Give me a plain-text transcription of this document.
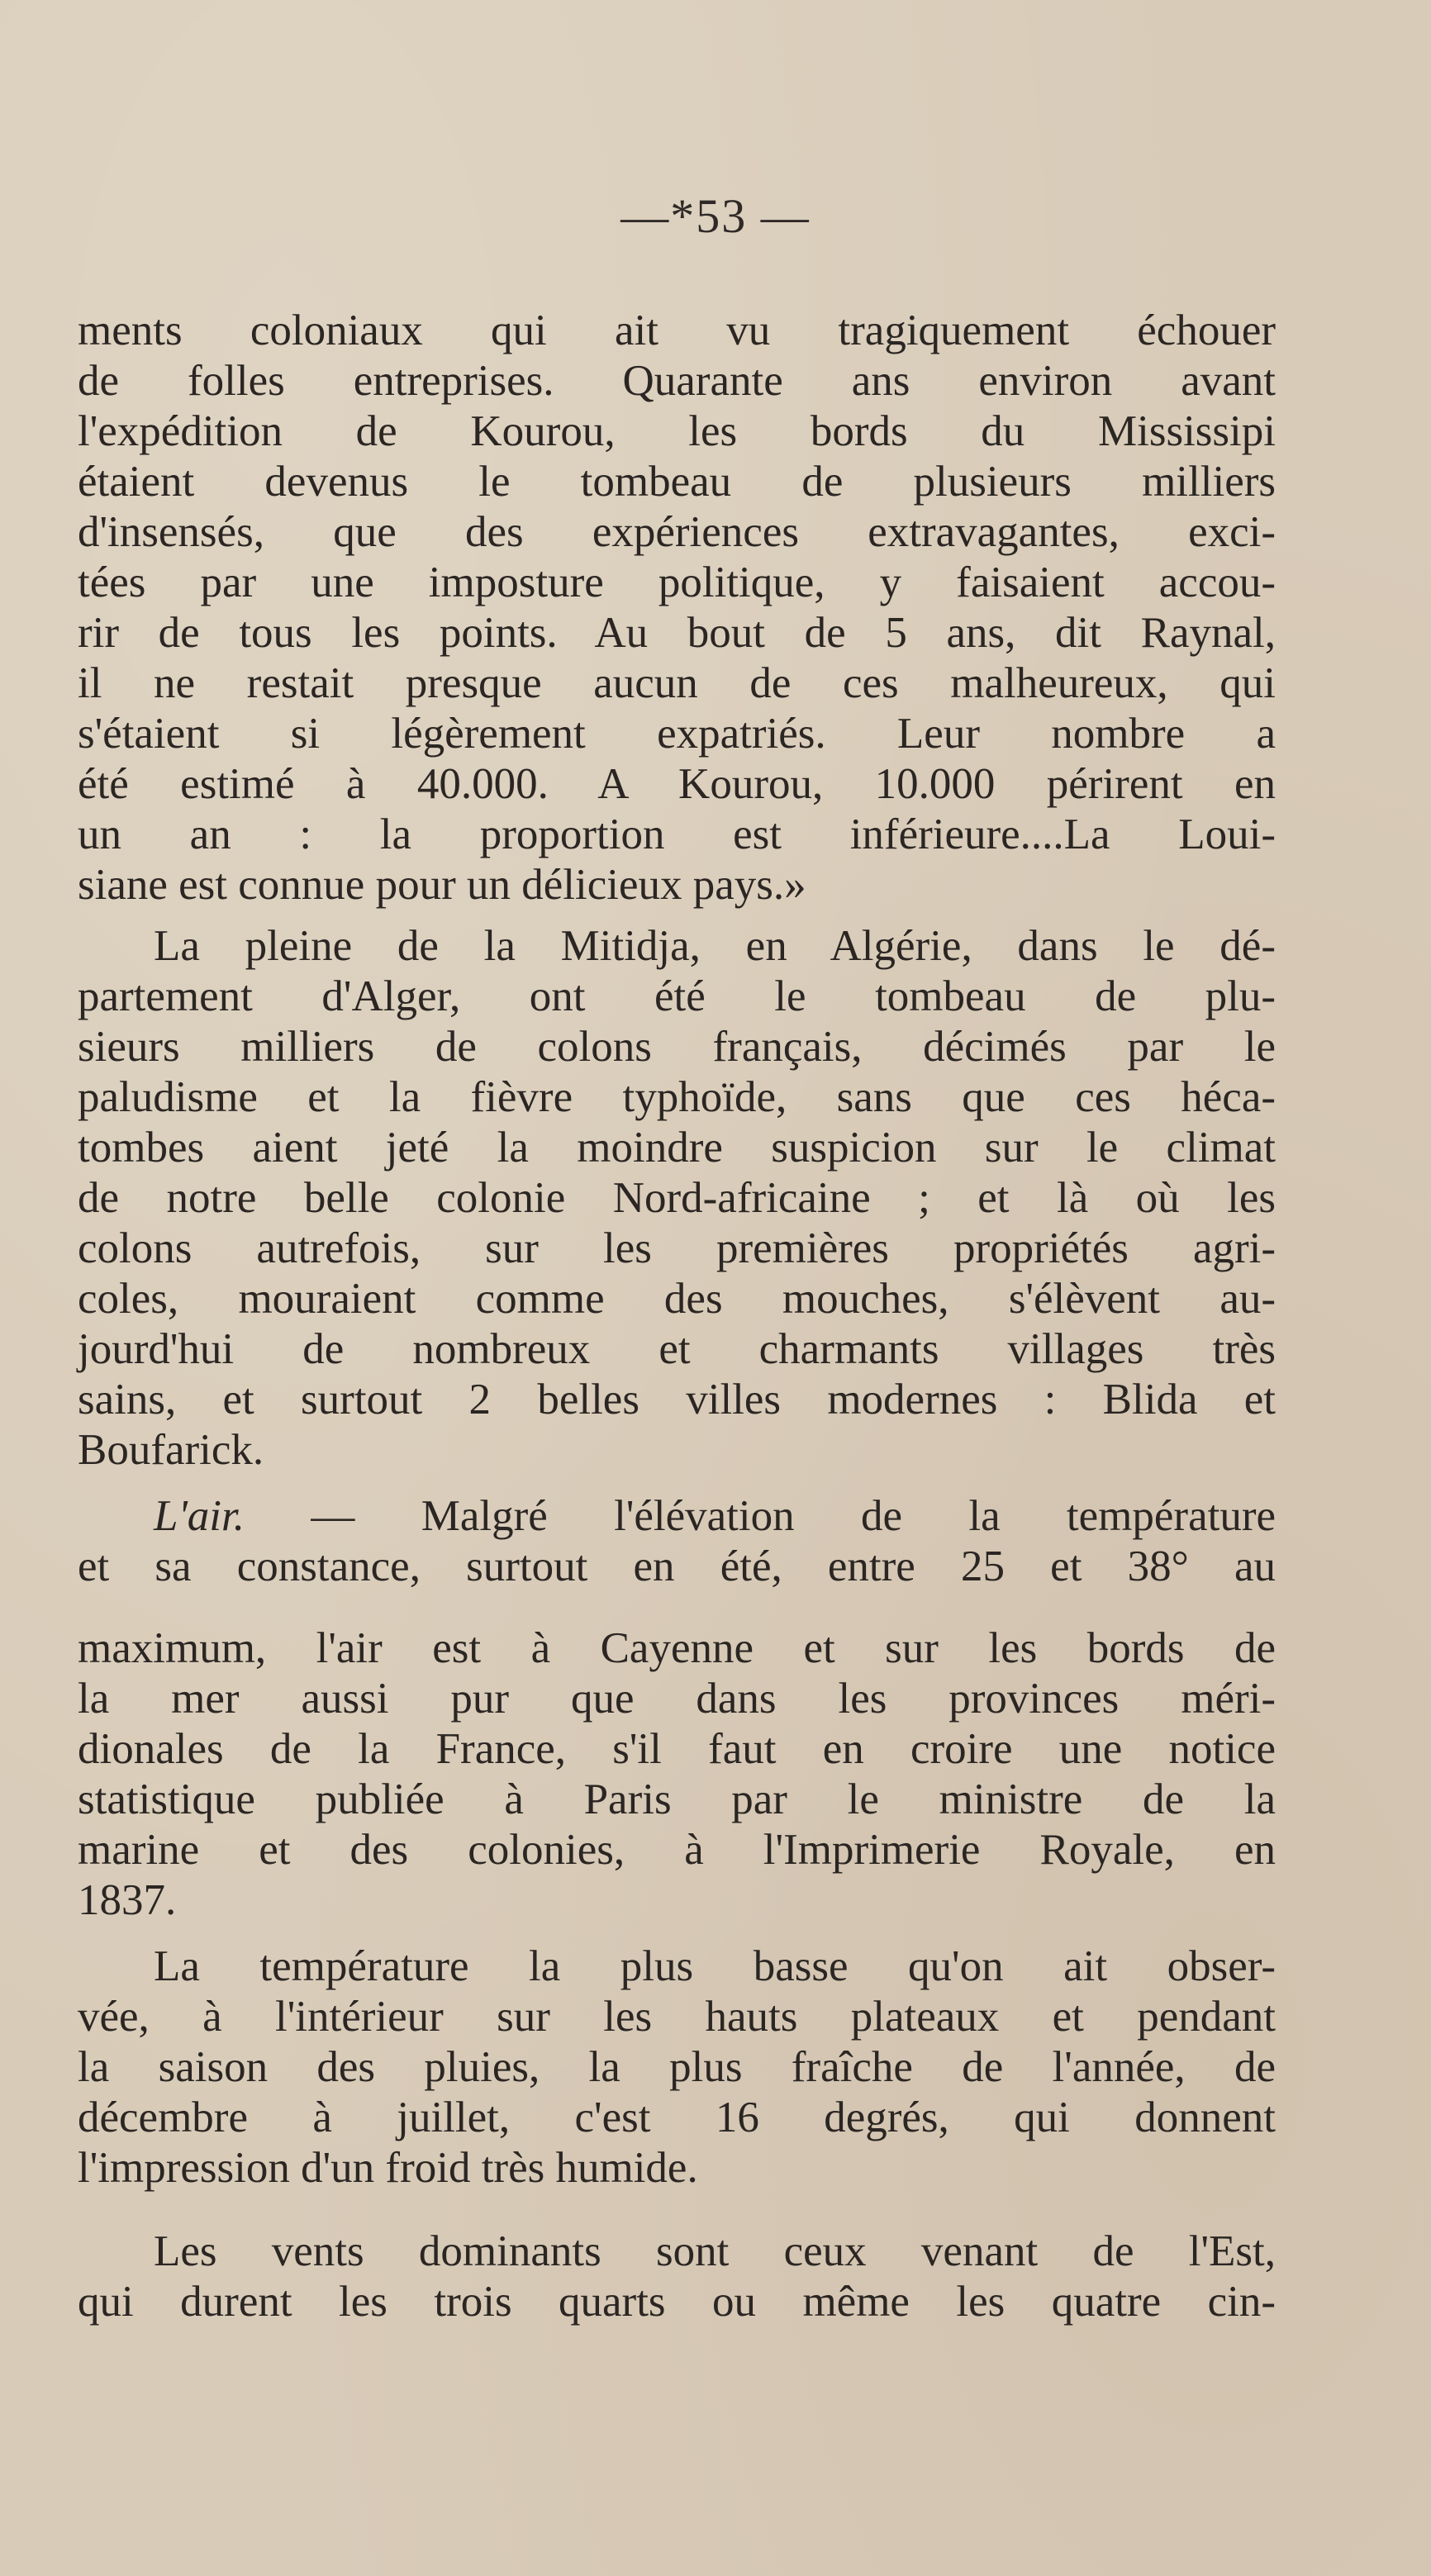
—*53 —
ments coloniaux qui ait vu tragiquement échouer
de folles entreprises. Quarante ans environ avant
l'expédition de Kourou, les bords du Mississipi
étaient devenus le tombeau de plusieurs milliers
d'insensés, que des expériences extravagantes, exci-
tées par une imposture politique, y faisaient accou-
rir de tous les points. Au bout de 5 ans, dit Raynal,
il ne restait presque aucun de ces malheureux, qui
s'étaient si légèrement expatriés. Leur nombre a
été estimé à 40.000. A Kourou, 10.000 périrent en
un an : la proportion est inférieure....La Loui-
siane est connue pour un délicieux pays.»
La pleine de la Mitidja, en Algérie, dans le dé-
partement d'Alger, ont été le tombeau de plu-
sieurs milliers de colons français, décimés par le
paludisme et la fièvre typhoïde, sans que ces héca-
tombes aient jeté la moindre suspicion sur le climat
de notre belle colonie Nord-africaine ; et là où les
colons autrefois, sur les premières propriétés agri-
coles, mouraient comme des mouches, s'élèvent au-
jourd'hui de nombreux et charmants villages très
sains, et surtout 2 belles villes modernes : Blida et
Boufarick.
L'air. — Malgré l'élévation de la température
et sa constance, surtout en été, entre 25 et 38° au
maximum, l'air est à Cayenne et sur les bords de
la mer aussi pur que dans les provinces méri-
dionales de la France, s'il faut en croire une notice
statistique publiée à Paris par le ministre de la
marine et des colonies, à l'Imprimerie Royale, en
1837.
La température la plus basse qu'on ait obser-
vée, à l'intérieur sur les hauts plateaux et pendant
la saison des pluies, la plus fraîche de l'année, de
décembre à juillet, c'est 16 degrés, qui donnent
l'impression d'un froid très humide.
Les vents dominants sont ceux venant de l'Est,
qui durent les trois quarts ou même les quatre cin-
